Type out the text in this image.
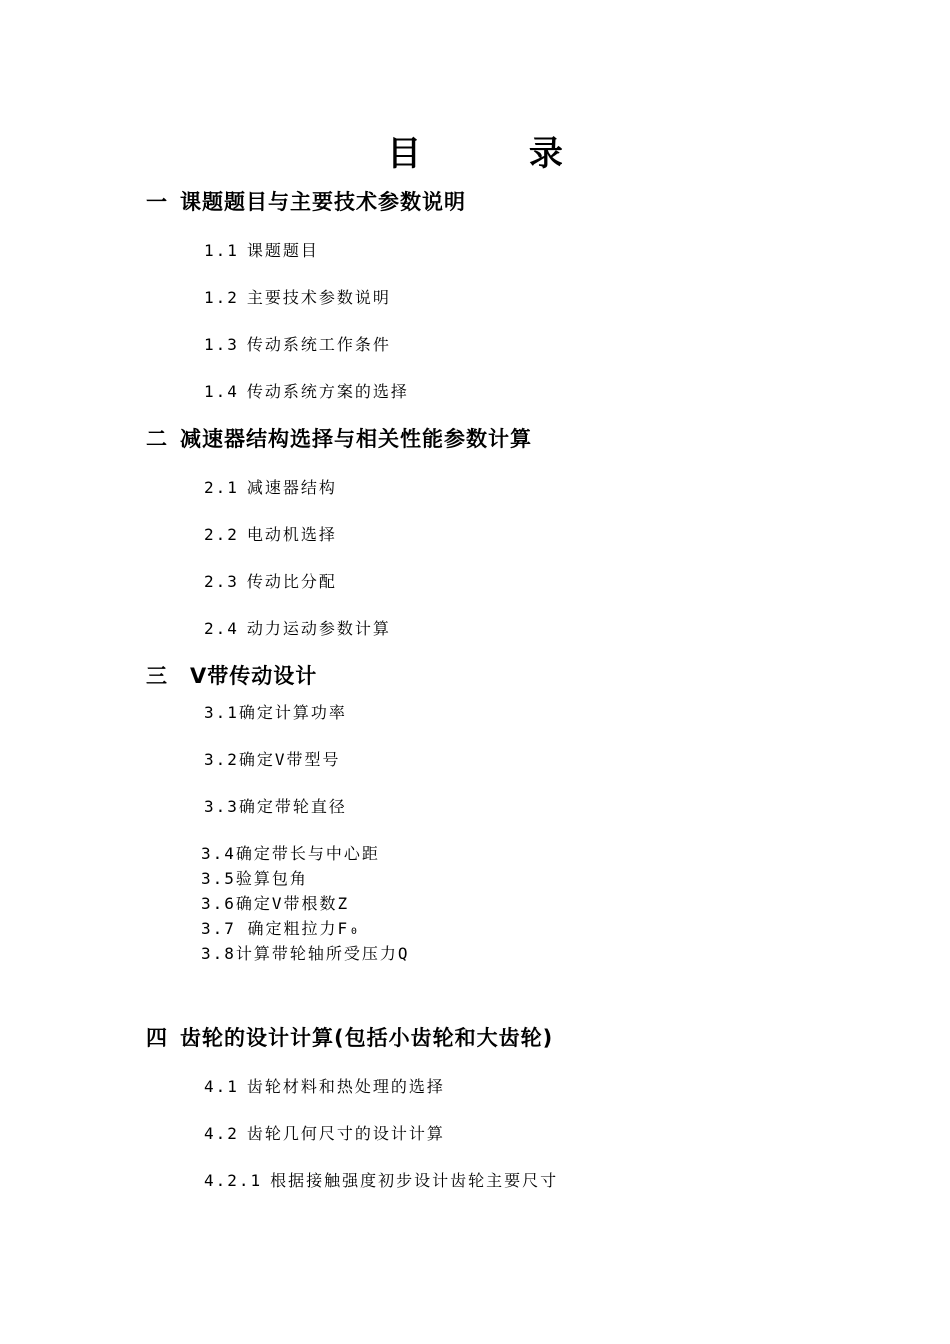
目 录
一 课题题目与主要技术参数说明
1.1 课题题目
1.2 主要技术参数说明
1.3 传动系统工作条件
1.4 传动系统方案的选择
二 减速器结构选择与相关性能参数计算
2.1 减速器结构
2.2 电动机选择
2.3 传动比分配
2.4 动力运动参数计算
三 V带传动设计
3.1确定计算功率
3.2确定V带型号
3.3确定带轮直径
3.4确定带长与中心距
3.5验算包角
3.6确定V带根数Z
3.7 确定粗拉力F₀
3.8计算带轮轴所受压力Q
四 齿轮的设计计算(包括小齿轮和大齿轮)
4.1 齿轮材料和热处理的选择
4.2 齿轮几何尺寸的设计计算
4.2.1 根据接触强度初步设计齿轮主要尺寸
